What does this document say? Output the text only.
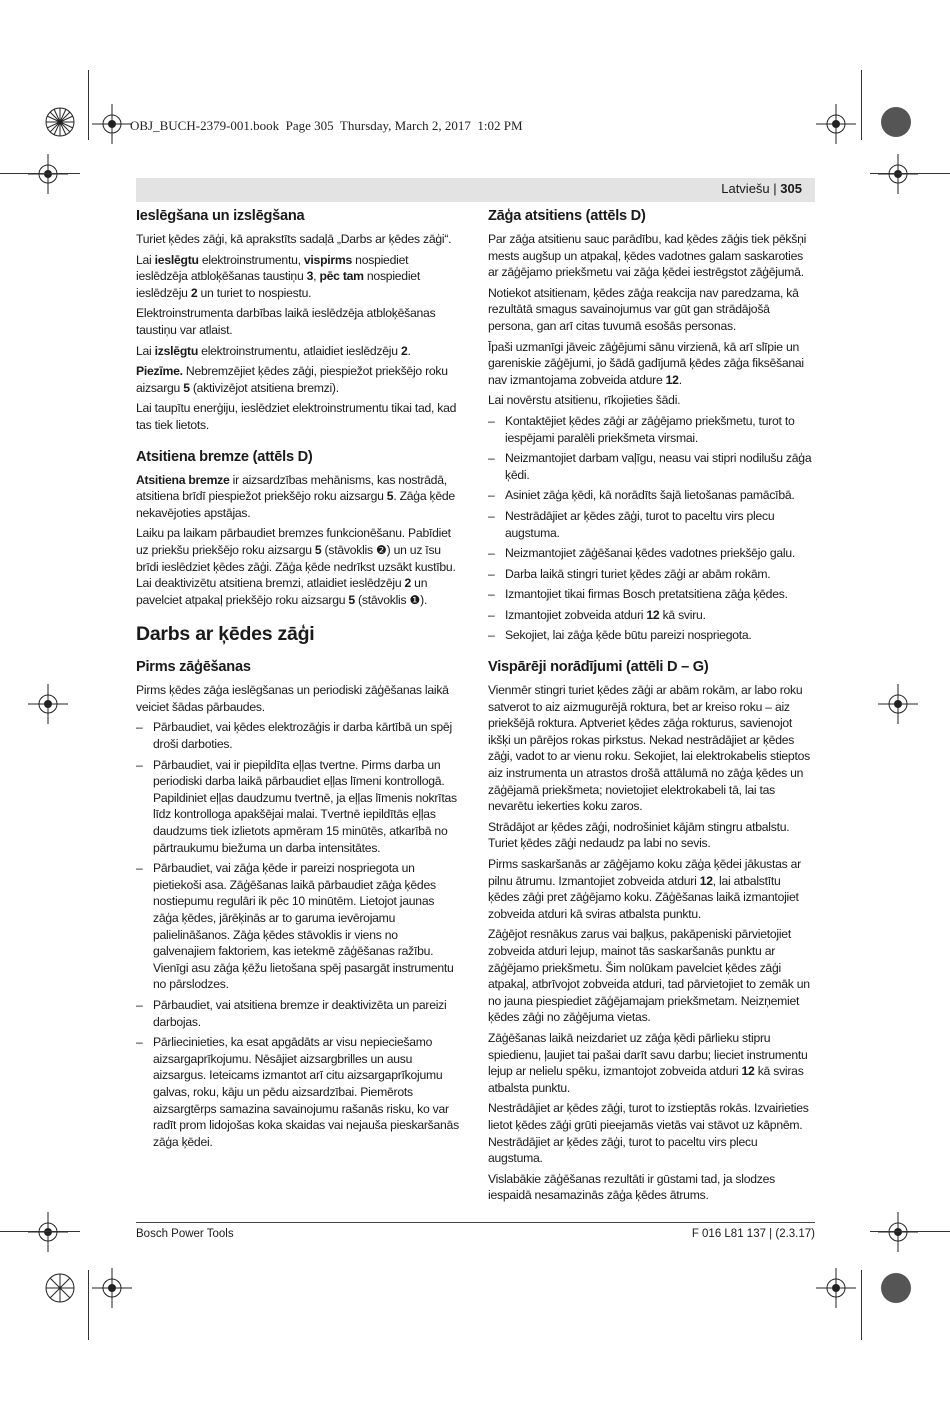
OBJ_BUCH-2379-001.book  Page 305  Thursday, March 2, 2017  1:02 PM
Latviešu | 305
Ieslēgšana un izslēgšana

Turiet ķēdes zāģi, kā aprakstīts sadaļā „Darbs ar ķēdes zāģi“.

Lai ieslēgtu elektroinstrumentu, vispirms nospiediet ieslēdzēja atbloķēšanas taustiņu 3, pēc tam nospiediet ieslēdzēju 2 un turiet to nospiestu.

Elektroinstrumenta darbības laikā ieslēdzēja atbloķēšanas taustiņu var atlaist.

Lai izslēgtu elektroinstrumentu, atlaidiet ieslēdzēju 2.

Piezīme. Nebremzējiet ķēdes zāģi, piespiežot priekšējo roku aizsargu 5 (aktivizējot atsitiena bremzi).

Lai taupītu enerģiju, ieslēdziet elektroinstrumentu tikai tad, kad tas tiek lietots.

Atsitiena bremze (attēls D)

Atsitiena bremze ir aizsardzības mehānisms, kas nostrādā, atsitiena brīdī piespiežot priekšējo roku aizsargu 5. Zāģa ķēde nekavējoties apstājas.

Laiku pa laikam pārbaudiet bremzes funkcionēšanu. Pabīdiet uz priekšu priekšējo roku aizsargu 5 (stāvoklis ❷) un uz īsu brīdi ieslēdziet ķēdes zāģi. Zāģa ķēde nedrīkst uzsākt kustību. Lai deaktivizētu atsitiena bremzi, atlaidiet ieslēdzēju 2 un pavelciet atpakaļ priekšējo roku aizsargu 5 (stāvoklis ❶).

Darbs ar ķēdes zāģi
Pirms zāģēšanas

Pirms ķēdes zāģa ieslēgšanas un periodiski zāģēšanas laikā veiciet šādas pārbaudes.

– Pārbaudiet, vai ķēdes elektrozāģis ir darba kārtībā un spēj droši darboties.
– Pārbaudiet, vai ir piepildīta eļļas tvertne. Pirms darba un periodiski darba laikā pārbaudiet eļļas līmeni kontrollogā. Papildiniet eļļas daudzumu tvertnē, ja eļļas līmenis nokrītas līdz kontrolloga apakšējai malai. Tvertnē iepildītās eļļas daudzums tiek izlietots apmēram 15 minūtēs, atkarībā no pārtraukumu biežuma un darba intensitātes.
– Pārbaudiet, vai zāģa ķēde ir pareizi nospriegota un pietiekoši asa. Zāģēšanas laikā pārbaudiet zāģa ķēdes nostiepumu regulāri ik pēc 10 minūtēm. Lietojot jaunas zāģa ķēdes, jārēķinās ar to garuma ievērojamu palielināšanos. Zāģa ķēdes stāvoklis ir viens no galvenajiem faktoriem, kas ietekmē zāģēšanas ražību. Vienīgi asu zāģa ķēžu lietošana spēj pasargāt instrumentu no pārslodzes.
– Pārbaudiet, vai atsitiena bremze ir deaktivizēta un pareizi darbojas.
– Pārliecinieties, ka esat apgādāts ar visu nepieciešamo aizsargaprīkojumu. Nēsājiet aizsargbrilles un ausu aizsargus. Ieteicams izmantot arī citu aizsargaprīkojumu galvas, roku, kāju un pēdu aizsardzībai. Piemērots aizsargtērps samazina savainojumu rašanās risku, ko var radīt prom lidojošas koka skaidas vai nejauša pieskaršanās zāģa ķēdei.
Zāģa atsitiens (attēls D)

Par zāģa atsitienu sauc parādību, kad ķēdes zāģis tiek pēkšņi mests augšup un atpakaļ, ķēdes vadotnes galam saskaroties ar zāģējamo priekšmetu vai zāģa ķēdei iestrēgstot zāģējumā.

Notiekot atsitienam, ķēdes zāģa reakcija nav paredzama, kā rezultātā smagus savainojumus var gūt gan strādājošā persona, gan arī citas tuvumā esošās personas.

Īpaši uzmanīgi jāveic zāģējumi sānu virzienā, kā arī slīpie un gareniskie zāģējumi, jo šādā gadījumā ķēdes zāģa fiksēšanai nav izmantojama zobveida atdure 12.

Lai novērstu atsitienu, rīkojieties šādi.

– Kontaktējiet ķēdes zāģi ar zāģējamo priekšmetu, turot to iespējami paralēli priekšmeta virsmai.
– Neizmantojiet darbam vaļīgu, neasu vai stipri nodilušu zāģa ķēdi.
– Asiniet zāģa ķēdi, kā norādīts šajā lietošanas pamācībā.
– Nestrādājiet ar ķēdes zāģi, turot to paceltu virs plecu augstuma.
– Neizmantojiet zāģēšanai ķēdes vadotnes priekšējo galu.
– Darba laikā stingri turiet ķēdes zāģi ar abām rokām.
– Izmantojiet tikai firmas Bosch pretatsitiena zāģa ķēdes.
– Izmantojiet zobveida atduri 12 kā sviru.
– Sekojiet, lai zāģa ķēde būtu pareizi nospriegota.
Vispārēji norādījumi (attēli D – G)

Vienmēr stingri turiet ķēdes zāģi ar abām rokām, ar labo roku satverot to aiz aizmugurējā roktura, bet ar kreiso roku – aiz priekšējā roktura. Aptveriet ķēdes zāģa rokturus, savienojot ikšķi un pārējos rokas pirkstus. Nekad nestrādājiet ar ķēdes zāģi, vadot to ar vienu roku. Sekojiet, lai elektrokabelis stieptos aiz instrumenta un atrastos drošā attālumā no zāģa ķēdes un zāģējamā priekšmeta; novietojiet elektrokabeli tā, lai tas nevarētu iekerties koku zaros.

Strādājot ar ķēdes zāģi, nodrošiniet kājām stingru atbalstu. Turiet ķēdes zāģi nedaudz pa labi no sevis.

Pirms saskaršanās ar zāģējamo koku zāģa ķēdei jākustas ar pilnu ātrumu. Izmantojiet zobveida atduri 12, lai atbalstītu ķēdes zāģi pret zāģējamo koku. Zāģēšanas laikā izmantojiet zobveida atduri kā sviras atbalsta punktu.

Zāģējot resnākus zarus vai baļķus, pakāpeniski pārvietojiet zobveida atduri lejup, mainot tās saskaršanās punktu ar zāģējamo priekšmetu. Šim nolūkam pavelciet ķēdes zāģi atpakaļ, atbrīvojot zobveida atduri, tad pārvietojiet to zemāk un no jauna piespiediet zāģējamajam priekšmetam. Neizņemiet ķēdes zāģi no zāģējuma vietas.

Zāģēšanas laikā neizdariet uz zāģa ķēdi pārlieku stipru spiedienu, ļaujiet tai pašai darīt savu darbu; lieciet instrumentu lejup ar nelielu spēku, izmantojot zobveida atduri 12 kā sviras atbalsta punktu.

Nestrādājiet ar ķēdes zāģi, turot to izstieptās rokās. Izvairieties lietot ķēdes zāģi grūti pieejamās vietās vai stāvot uz kāpnēm. Nestrādājiet ar ķēdes zāģi, turot to paceltu virs plecu augstuma.

Vislabākie zāģēšanas rezultāti ir gūstami tad, ja slodzes iespaidā nesamazinās zāģa ķēdes ātrums.

Bosch Power Tools	F 016 L81 137 | (2.3.17)
